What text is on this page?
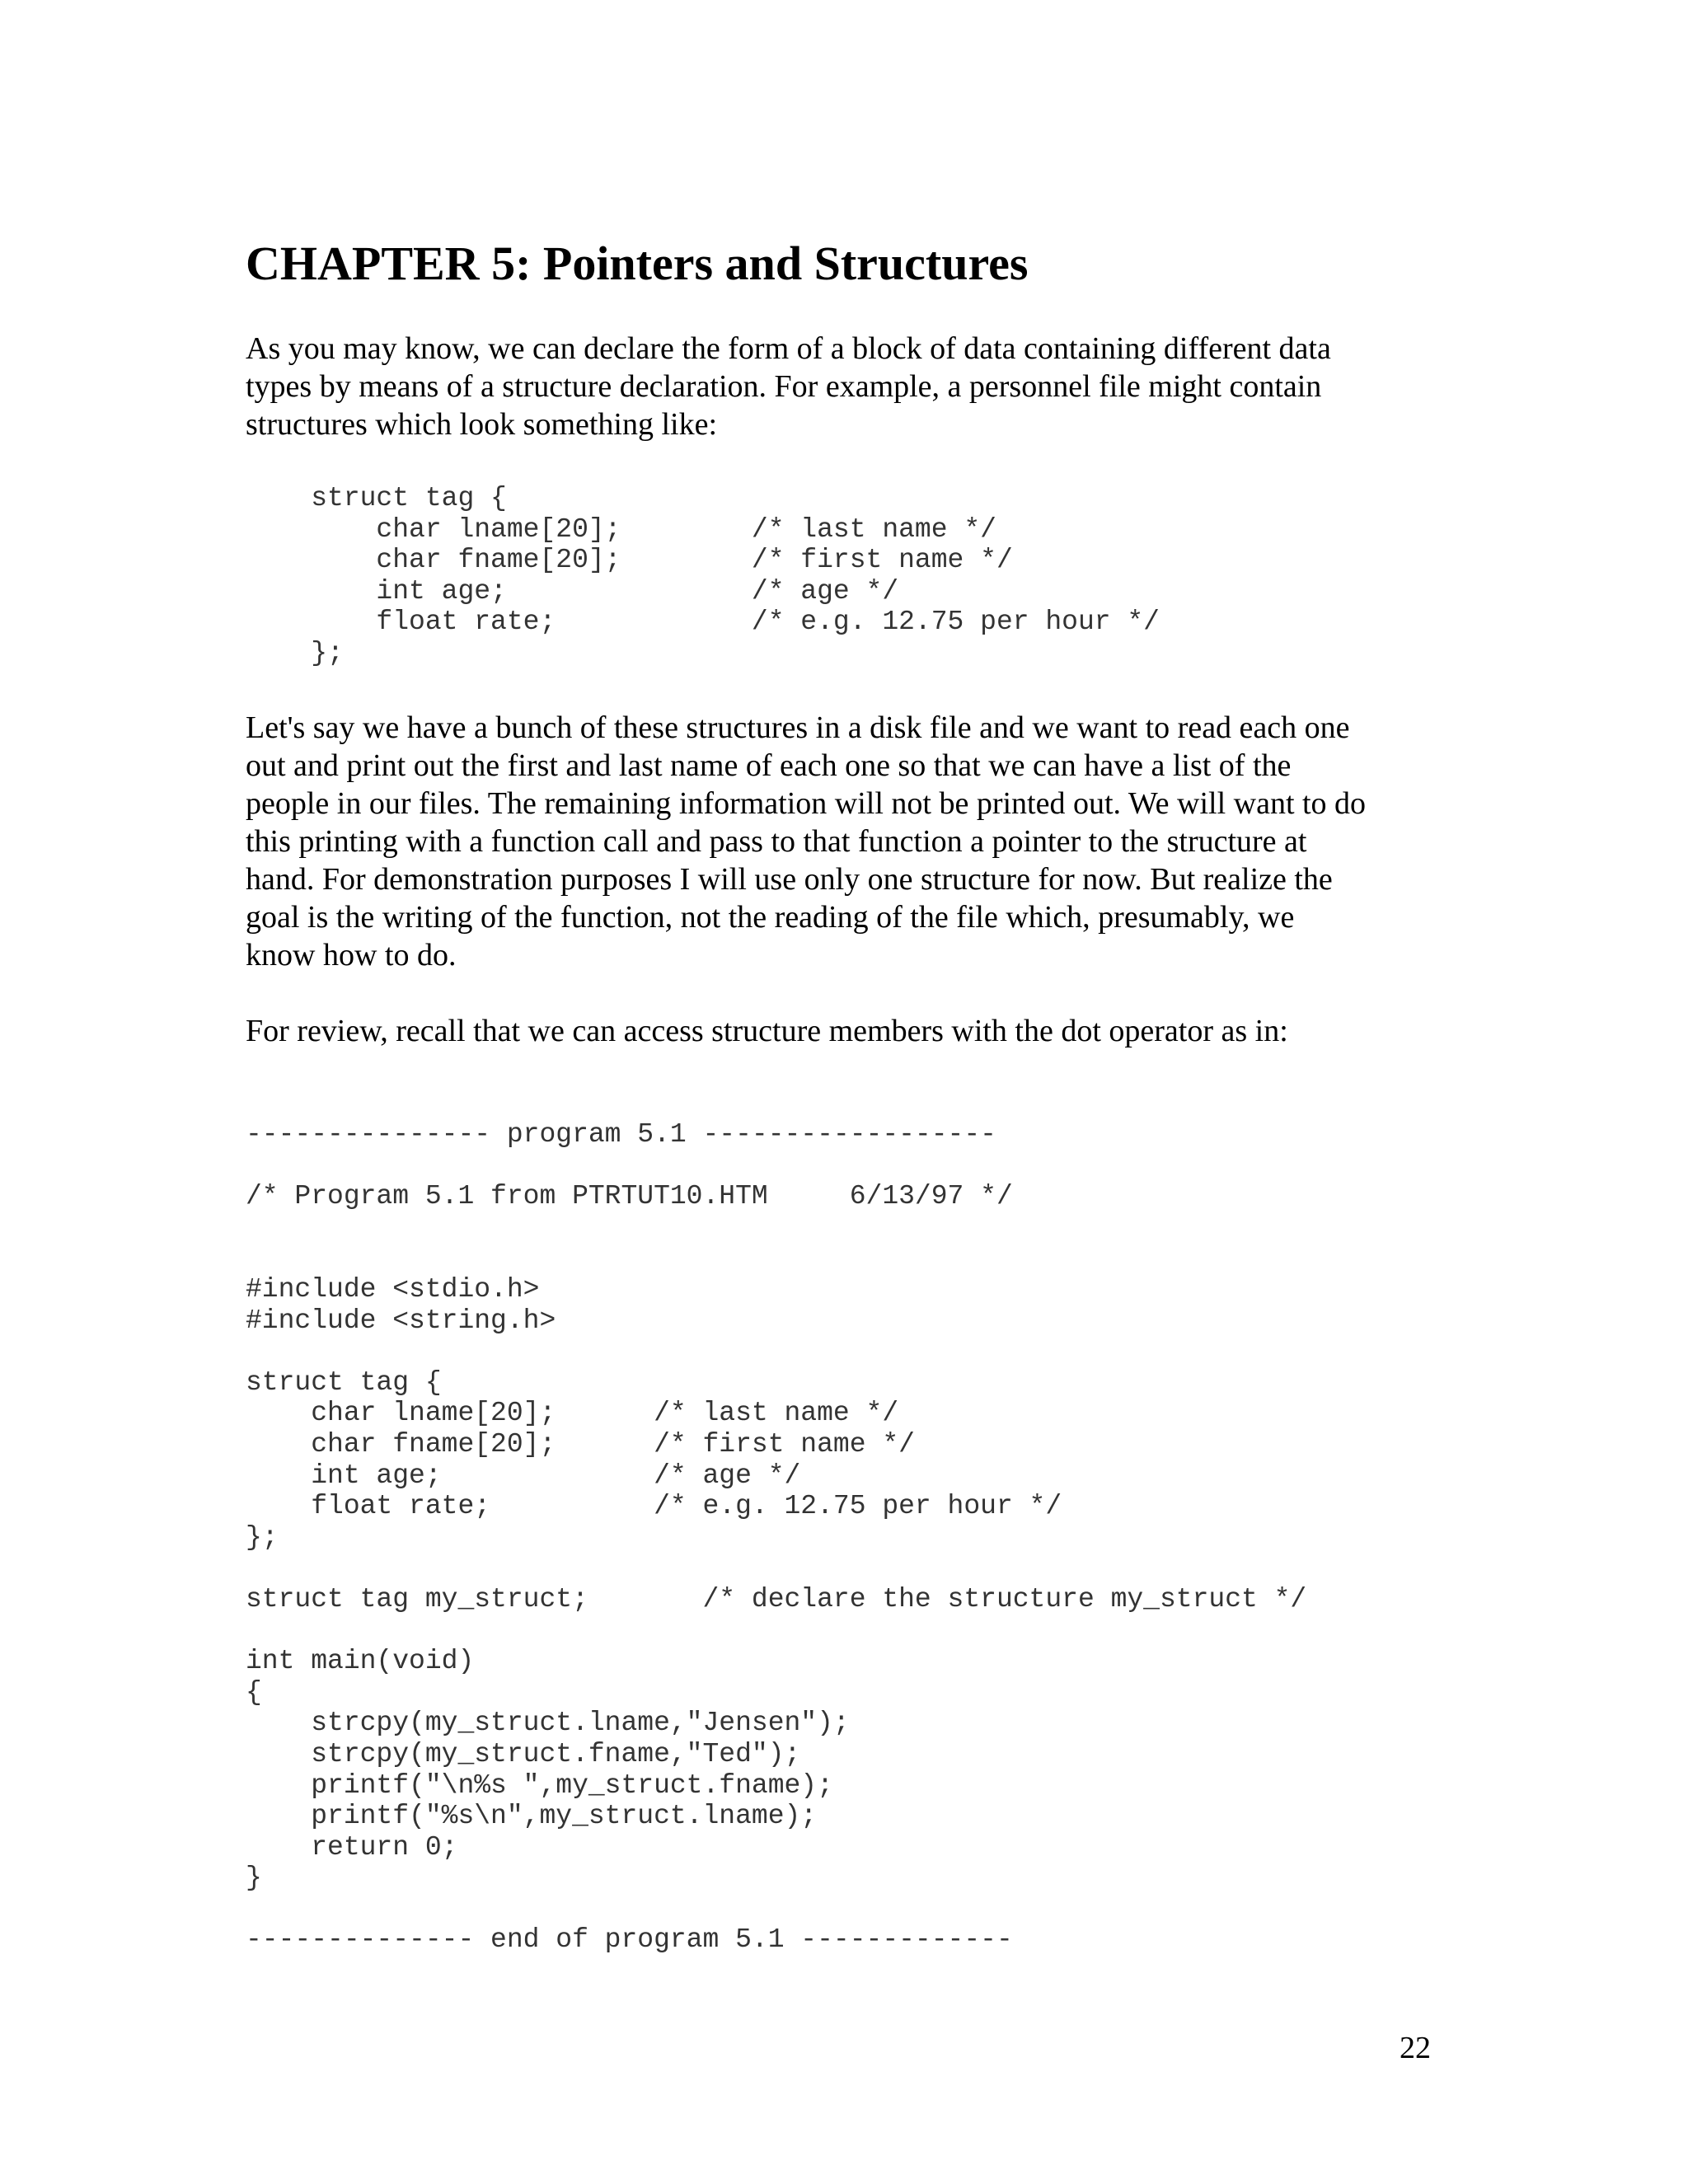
CHAPTER 5: Pointers and Structures

As you may know, we can declare the form of a block of data containing different data
types by means of a structure declaration. For example, a personnel file might contain
structures which look something like:

struct tag {
char lname[20];        /* last name */
char fname[20];        /* first name */
int age;               /* age */
float rate;            /* e.g. 12.75 per hour */
};

Let's say we have a bunch of these structures in a disk file and we want to read each one
out and print out the first and last name of each one so that we can have a list of the
people in our files. The remaining information will not be printed out. We will want to do
this printing with a function call and pass to that function a pointer to the structure at
hand. For demonstration purposes I will use only one structure for now. But realize the
goal is the writing of the function, not the reading of the file which, presumably, we
know how to do.

For review, recall that we can access structure members with the dot operator as in:

--------------- program 5.1 ------------------
/* Program 5.1 from PTRTUT10.HTM     6/13/97 */
#include <stdio.h>
#include <string.h>

struct tag {
char lname[20];      /* last name */
char fname[20];      /* first name */
int age;             /* age */
float rate;          /* e.g. 12.75 per hour */
};

struct tag my_struct;       /* declare the structure my_struct */

int main(void)
{
strcpy(my_struct.lname,"Jensen");
strcpy(my_struct.fname,"Ted");
printf("\n%s ",my_struct.fname);
printf("%s\n",my_struct.lname);
return 0;
}
-------------- end of program 5.1 -------------
22
